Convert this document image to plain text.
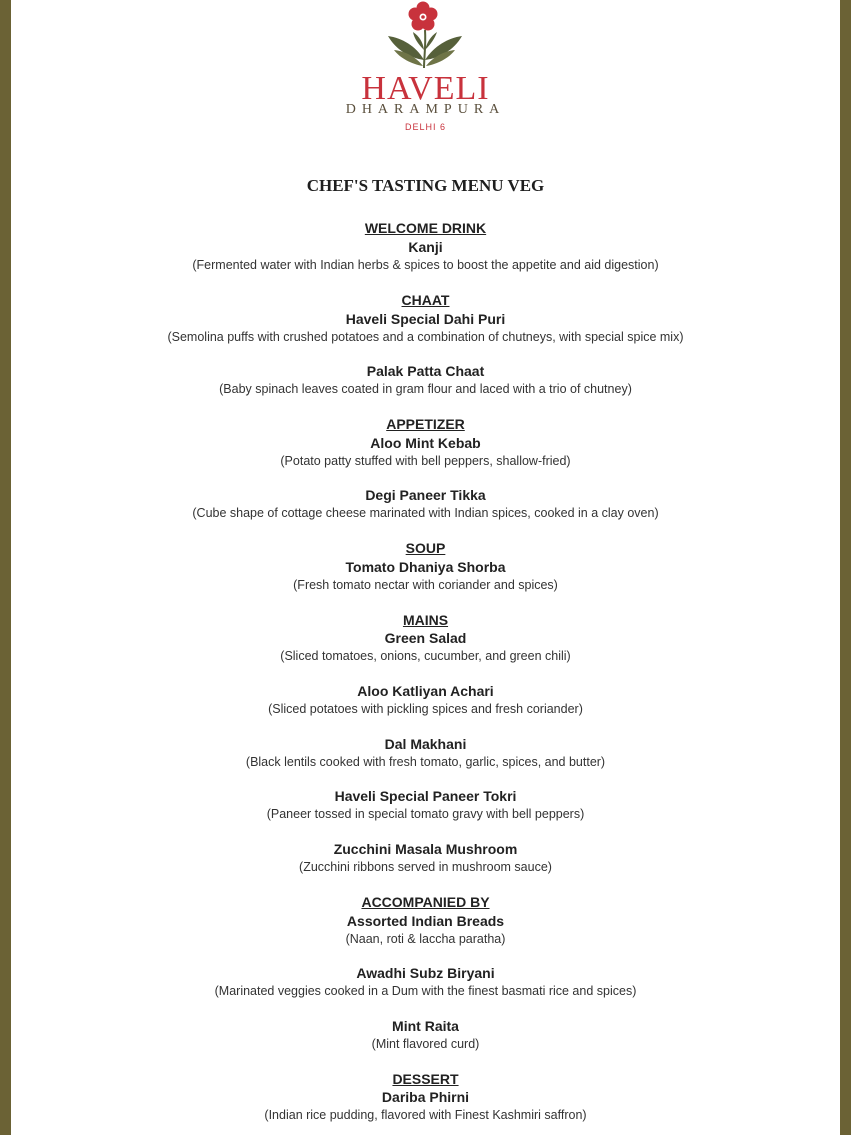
HAVELI
DHARAMPURA
DELHI 6
CHEF'S TASTING MENU VEG
WELCOME DRINK
Kanji
(Fermented water with Indian herbs & spices to boost the appetite and aid digestion)
CHAAT
Haveli Special Dahi Puri
(Semolina puffs with crushed potatoes and a combination of chutneys, with special spice mix)
Palak Patta Chaat
(Baby spinach leaves coated in gram flour and laced with a trio of chutney)
APPETIZER
Aloo Mint Kebab
(Potato patty stuffed with bell peppers, shallow-fried)
Degi Paneer Tikka
(Cube shape of cottage cheese marinated with Indian spices, cooked in a clay oven)
SOUP
Tomato Dhaniya Shorba
(Fresh tomato nectar with coriander and spices)
MAINS
Green Salad
(Sliced tomatoes, onions, cucumber, and green chili)
Aloo Katliyan Achari
(Sliced potatoes with pickling spices and fresh coriander)
Dal Makhani
(Black lentils cooked with fresh tomato, garlic, spices, and butter)
Haveli Special Paneer Tokri
(Paneer tossed in special tomato gravy with bell peppers)
Zucchini Masala Mushroom
(Zucchini ribbons served in mushroom sauce)
ACCOMPANIED BY
Assorted Indian Breads
(Naan, roti & laccha paratha)
Awadhi Subz Biryani
(Marinated veggies cooked in a Dum with the finest basmati rice and spices)
Mint Raita
(Mint flavored curd)
DESSERT
Dariba Phirni
(Indian rice pudding, flavored with Finest Kashmiri saffron)
